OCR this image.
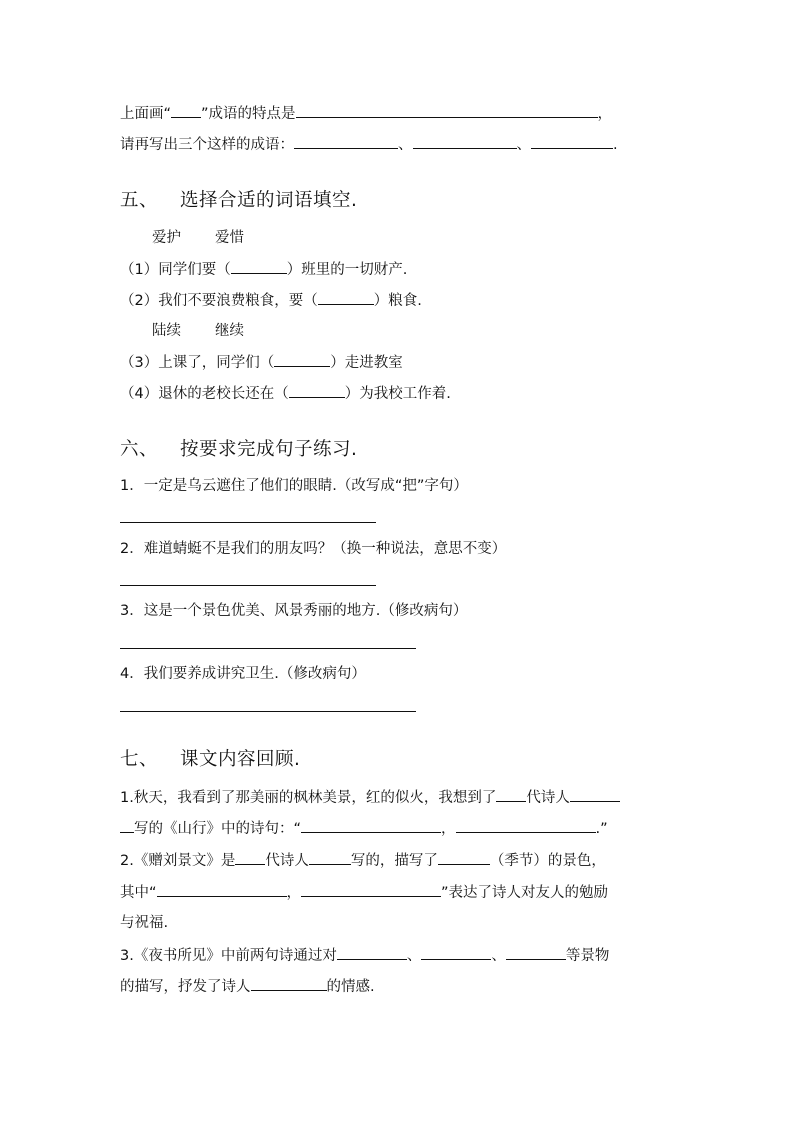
上面画“ ”成语的特点是	，
请再写出三个这样的成语：	、	、	.
五、 选择合适的词语填空.
爱护 爱惜
（1）同学们要（	）班里的一切财产.
（2）我们不要浪费粮食，要（	）粮食.
陆续 继续
（3）上课了，同学们（	）走进教室
（4）退休的老校长还在（	）为我校工作着.
六、 按要求完成句子练习.
1．一定是乌云遮住了他们的眼睛.（改写成“把”字句）
2．难道蜻蜓不是我们的朋友吗？（换一种说法，意思不变）
3．这是一个景色优美、风景秀丽的地方.（修改病句）
4．我们要养成讲究卫生.（修改病句）
七、 课文内容回顾.
1.秋天，我看到了那美丽的枫林美景，红的似火，我想到了 代诗人
写的《山行》中的诗句：“	，	.”
2.《赠刘景文》是 代诗人	写的，描写了	（季节）的景色，
其中“	，	”表达了诗人对友人的勉励
与祝福.
3.《夜书所见》中前两句诗通过对	、	、	等景物
的描写，抒发了诗人	的情感.
